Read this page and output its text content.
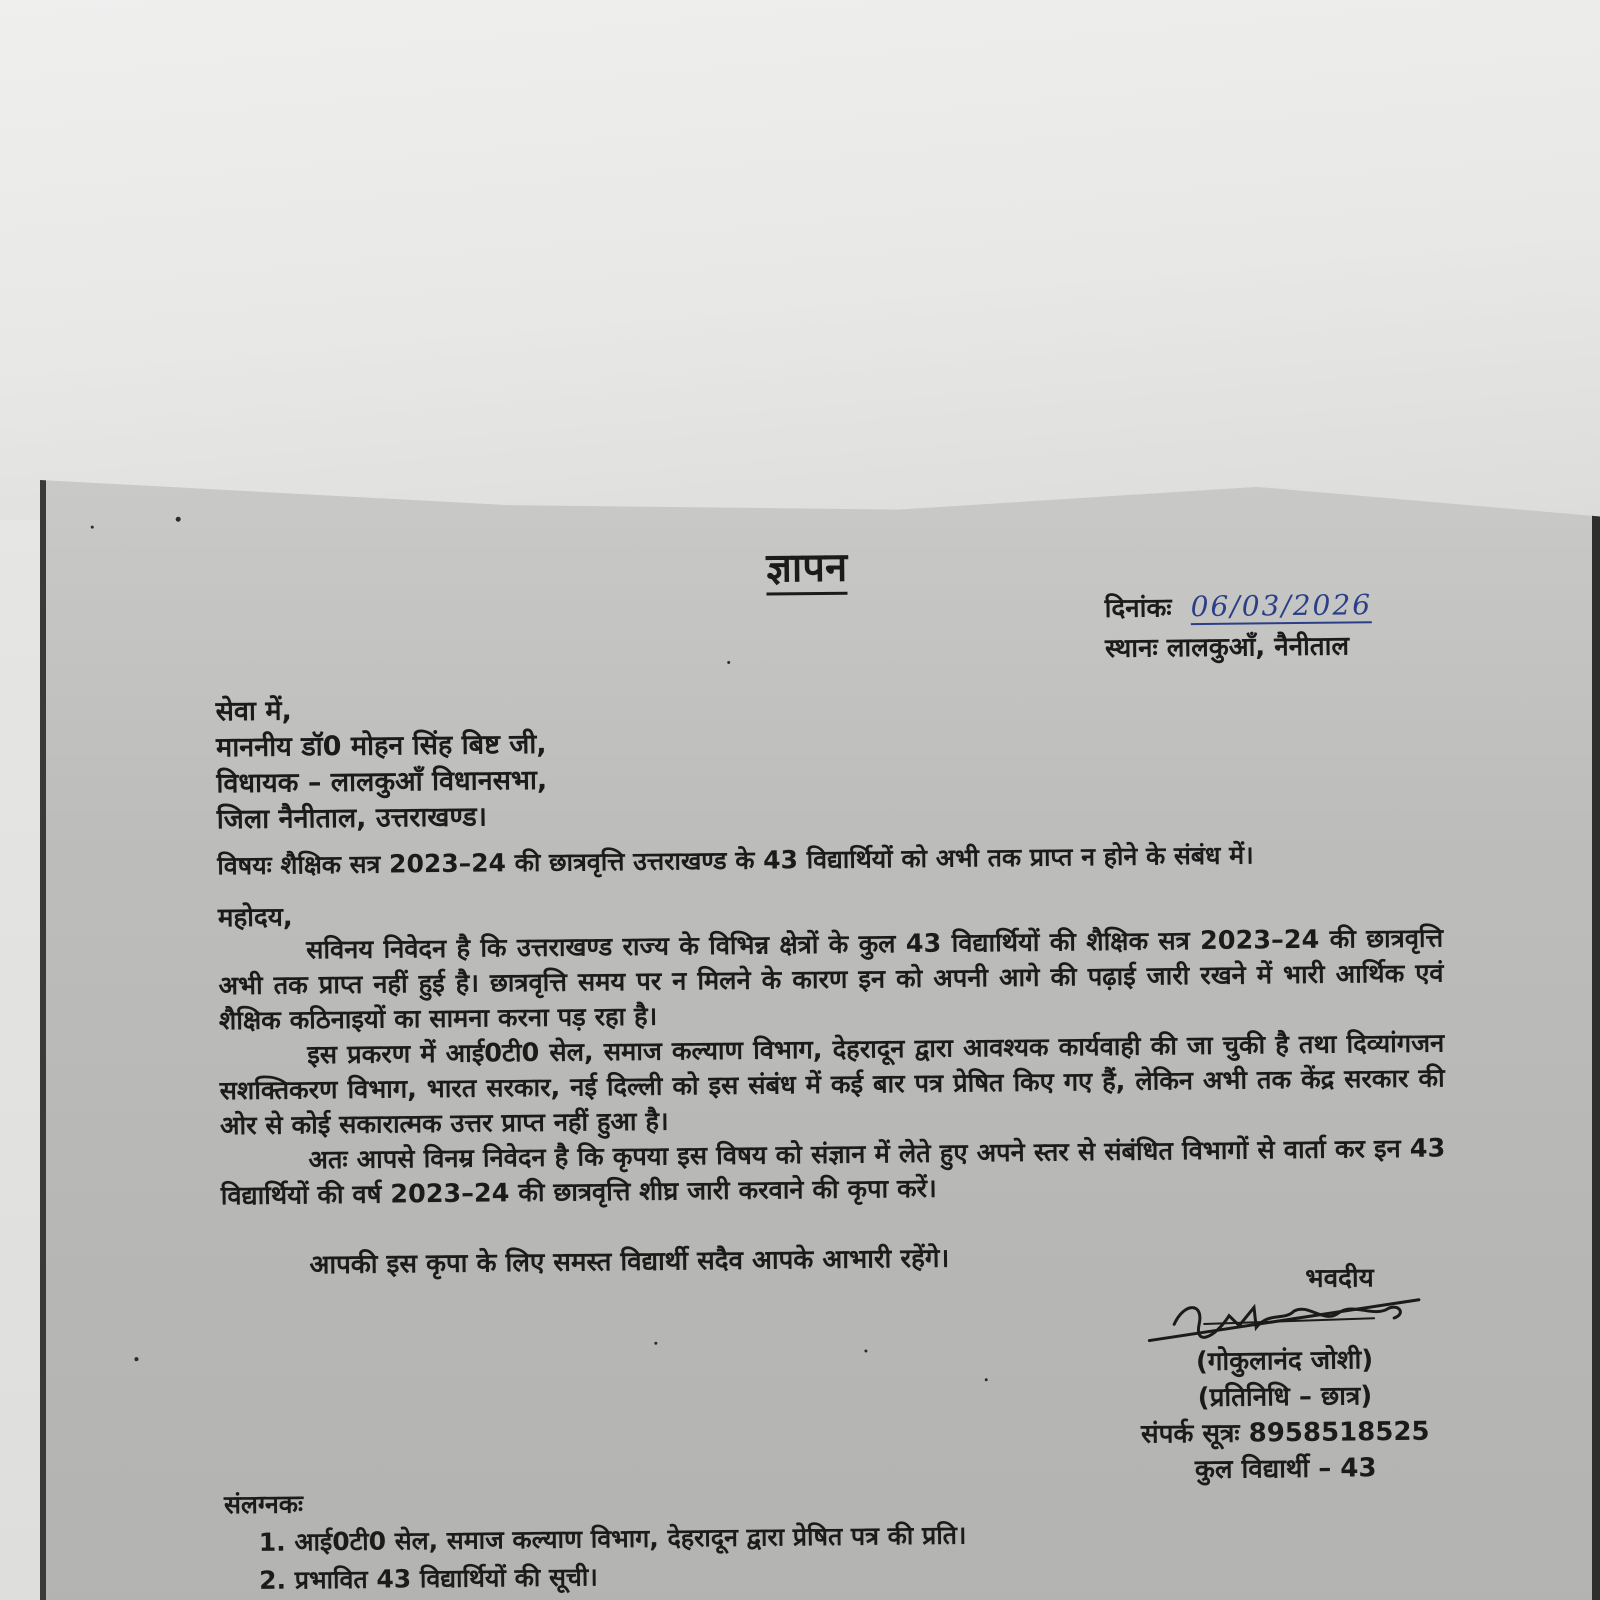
ज्ञापन
दिनांकः 06/03/2026
स्थानः लालकुआँ, नैनीताल
सेवा में,
माननीय डॉ0 मोहन सिंह बिष्ट जी,
विधायक – लालकुआँ विधानसभा,
जिला नैनीताल, उत्तराखण्ड।
विषयः शैक्षिक सत्र 2023–24 की छात्रवृत्ति उत्तराखण्ड के 43 विद्यार्थियों को अभी तक प्राप्त न होने के संबंध में।
महोदय,

सविनय निवेदन है कि उत्तराखण्ड राज्य के विभिन्न क्षेत्रों के कुल 43 विद्यार्थियों की शैक्षिक सत्र 2023–24 की छात्रवृत्ति अभी तक प्राप्त नहीं हुई है। छात्रवृत्ति समय पर न मिलने के कारण इन को अपनी आगे की पढ़ाई जारी रखने में भारी आर्थिक एवं शैक्षिक कठिनाइयों का सामना करना पड़ रहा है।

इस प्रकरण में आई0टी0 सेल, समाज कल्याण विभाग, देहरादून द्वारा आवश्यक कार्यवाही की जा चुकी है तथा दिव्यांगजन सशक्तिकरण विभाग, भारत सरकार, नई दिल्ली को इस संबंध में कई बार पत्र प्रेषित किए गए हैं, लेकिन अभी तक केंद्र सरकार की ओर से कोई सकारात्मक उत्तर प्राप्त नहीं हुआ है।

अतः आपसे विनम्र निवेदन है कि कृपया इस विषय को संज्ञान में लेते हुए अपने स्तर से संबंधित विभागों से वार्ता कर इन 43 विद्यार्थियों की वर्ष 2023–24 की छात्रवृत्ति शीघ्र जारी करवाने की कृपा करें।

आपकी इस कृपा के लिए समस्त विद्यार्थी सदैव आपके आभारी रहेंगे।	भवदीय
(गोकुलानंद जोशी)
(प्रतिनिधि – छात्र)
संपर्क सूत्रः 8958518525
कुल विद्यार्थी – 43
संलग्नकः
1. आई0टी0 सेल, समाज कल्याण विभाग, देहरादून द्वारा प्रेषित पत्र की प्रति।
2. प्रभावित 43 विद्यार्थियों की सूची।
